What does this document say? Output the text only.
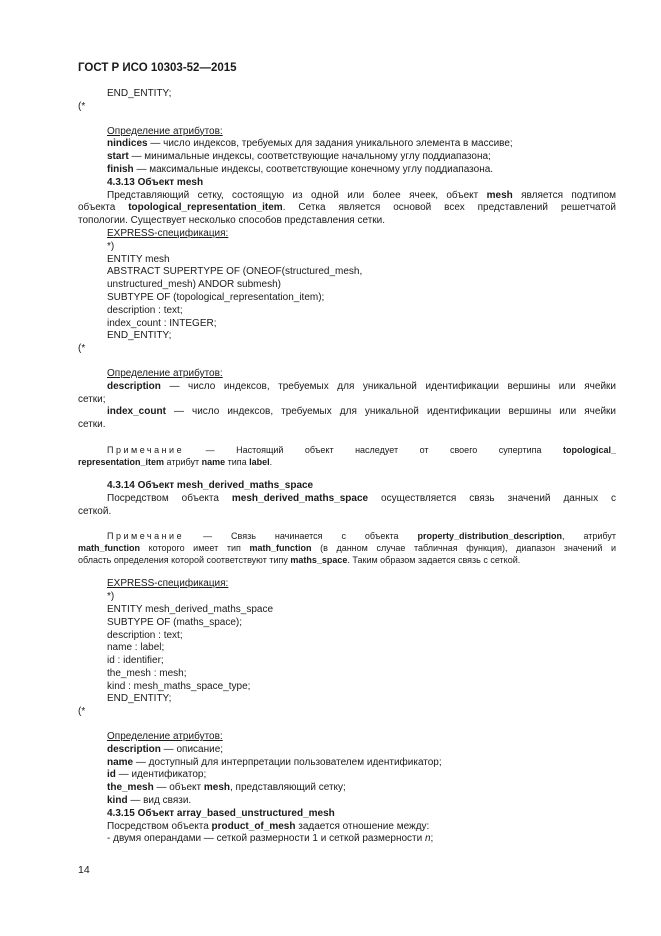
ГОСТ Р ИСО 10303-52—2015
END_ENTITY;
(*
Определение атрибутов:
nindices — число индексов, требуемых для задания уникального элемента в массиве;
start — минимальные индексы, соответствующие начальному углу поддиапазона;
finish — максимальные индексы, соответствующие конечному углу поддиапазона.
4.3.13 Объект mesh
Представляющий сетку, состоящую из одной или более ячеек, объект mesh является подтипом
объекта topological_representation_item. Сетка является основой всех представлений решетчатой
топологии. Существует несколько способов представления сетки.
EXPRESS-спецификация:
*)
ENTITY mesh
ABSTRACT SUPERTYPE OF (ONEOF(structured_mesh,
unstructured_mesh) ANDOR submesh)
SUBTYPE OF (topological_representation_item);
description : text;
index_count : INTEGER;
END_ENTITY;
(*
Определение атрибутов:
description — число индексов, требуемых для уникальной идентификации вершины или ячейки
сетки;
index_count — число индексов, требуемых для уникальной идентификации вершины или ячейки
сетки.
Примечание — Настоящий объект наследует от своего супертипа topological_
representation_item атрибут name типа label.
4.3.14 Объект mesh_derived_maths_space
Посредством объекта mesh_derived_maths_space осуществляется связь значений данных с
сеткой.
Примечание — Связь начинается с объекта property_distribution_description, атрибут
math_function которого имеет тип math_function (в данном случае табличная функция), диапазон значений и
область определения которой соответствуют типу maths_space. Таким образом задается связь с сеткой.
EXPRESS-спецификация:
*)
ENTITY mesh_derived_maths_space
SUBTYPE OF (maths_space);
description : text;
name : label;
id : identifier;
the_mesh : mesh;
kind : mesh_maths_space_type;
END_ENTITY;
(*
Определение атрибутов:
description — описание;
name — доступный для интерпретации пользователем идентификатор;
id — идентификатор;
the_mesh — объект mesh, представляющий сетку;
kind — вид связи.
4.3.15 Объект array_based_unstructured_mesh
Посредством объекта product_of_mesh задается отношение между:
- двумя операндами — сеткой размерности 1 и сеткой размерности n;
14
